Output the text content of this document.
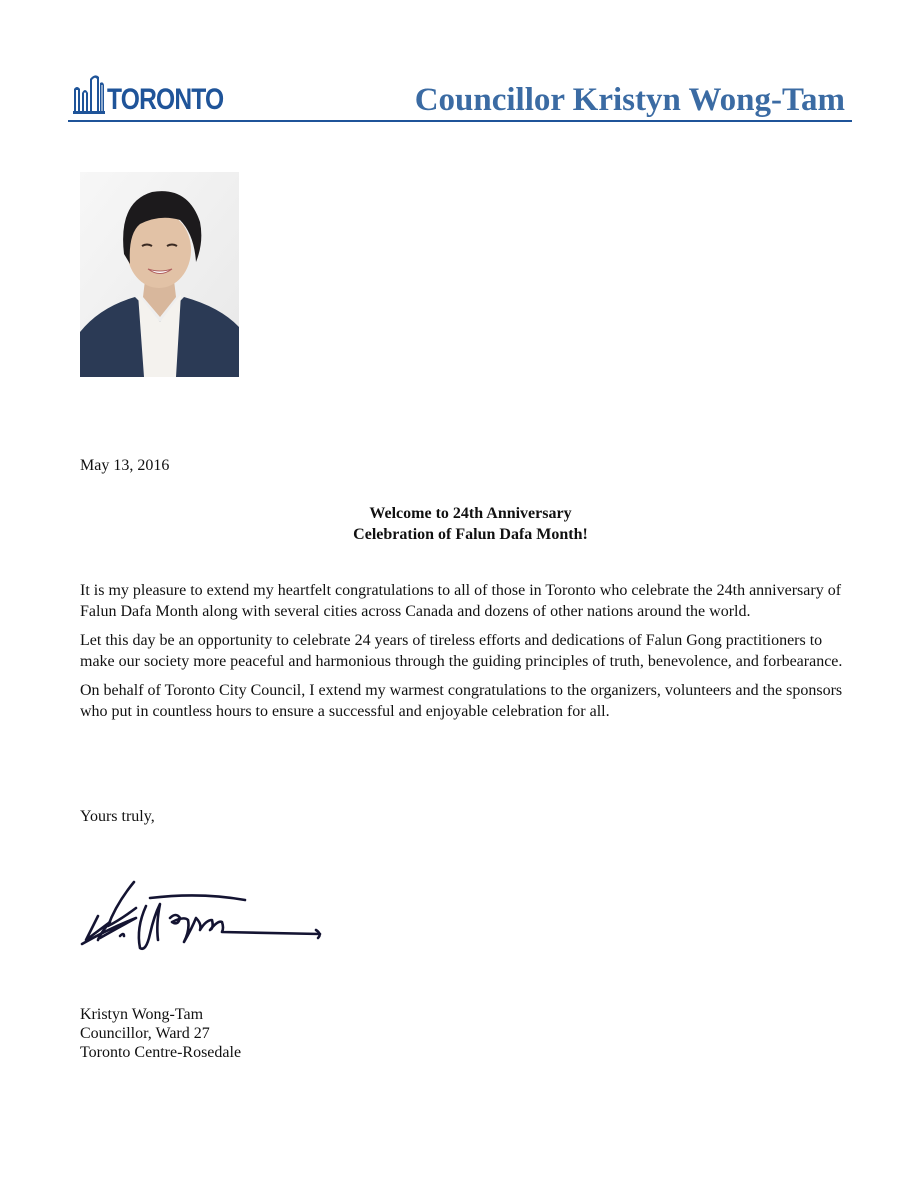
TORONTO	Councillor Kristyn Wong-Tam
May 13, 2016
Welcome to 24th Anniversary
Celebration of Falun Dafa Month!

It is my pleasure to extend my heartfelt congratulations to all of those in Toronto who celebrate the 24th anniversary of Falun Dafa Month along with several cities across Canada and dozens of other nations around the world.

Let this day be an opportunity to celebrate 24 years of tireless efforts and dedications of Falun Gong practitioners to make our society more peaceful and harmonious through the guiding principles of truth, benevolence, and forbearance.

On behalf of Toronto City Council, I extend my warmest congratulations to the organizers, volunteers and the sponsors who put in countless hours to ensure a successful and enjoyable celebration for all.

Yours truly,
Kristyn Wong-Tam
Councillor, Ward 27
Toronto Centre-Rosedale
